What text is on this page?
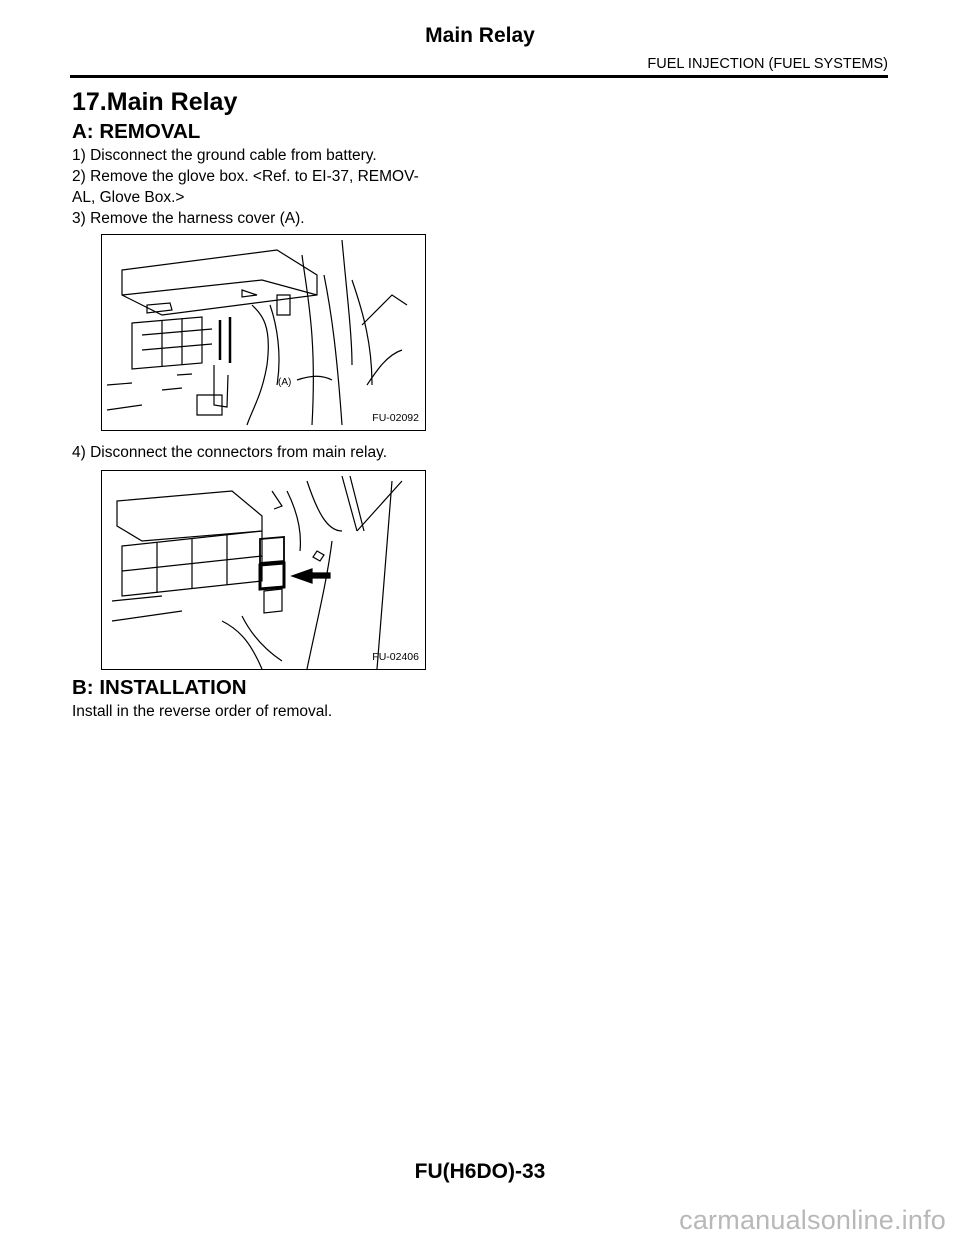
Main Relay
FUEL INJECTION (FUEL SYSTEMS)
17.Main Relay
A: REMOVAL
1) Disconnect the ground cable from battery.
2) Remove the glove box. <Ref. to EI-37, REMOV-
AL, Glove Box.>
3) Remove the harness cover (A).
(A)
FU-02092
4) Disconnect the connectors from main relay.
FU-02406
B: INSTALLATION
Install in the reverse order of removal.
FU(H6DO)-33
carmanualsonline.info
